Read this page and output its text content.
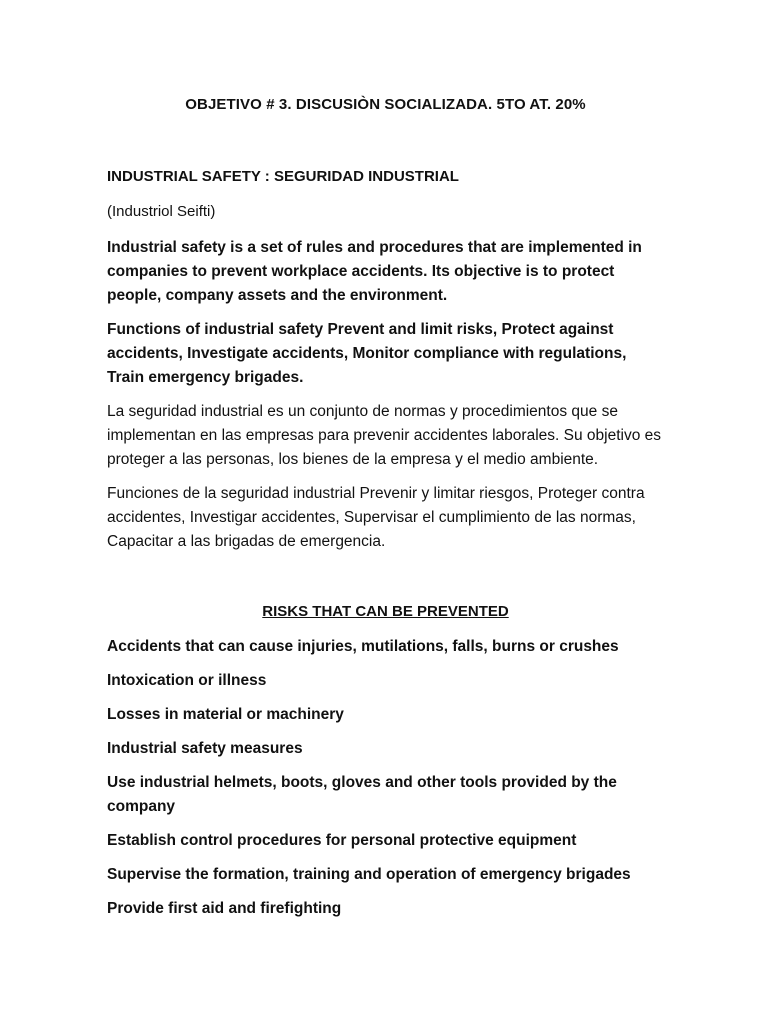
OBJETIVO # 3. DISCUSIÒN SOCIALIZADA. 5TO AT. 20%
INDUSTRIAL SAFETY : SEGURIDAD INDUSTRIAL
(Industriol Seifti)

Industrial safety is a set of rules and procedures that are implemented in companies to prevent workplace accidents. Its objective is to protect people, company assets and the environment.

Functions of industrial safety Prevent and limit risks, Protect against accidents, Investigate accidents, Monitor compliance with regulations, Train emergency brigades.

La seguridad industrial es un conjunto de normas y procedimientos que se implementan en las empresas para prevenir accidentes laborales. Su objetivo es proteger a las personas, los bienes de la empresa y el medio ambiente.

Funciones de la seguridad industrial Prevenir y limitar riesgos, Proteger contra accidentes, Investigar accidentes, Supervisar el cumplimiento de las normas, Capacitar a las brigadas de emergencia.

RISKS THAT CAN BE PREVENTED
Accidents that can cause injuries, mutilations, falls, burns or crushes
Intoxication or illness
Losses in material or machinery
Industrial safety measures
Use industrial helmets, boots, gloves and other tools provided by the company
Establish control procedures for personal protective equipment
Supervise the formation, training and operation of emergency brigades
Provide first aid and firefighting
